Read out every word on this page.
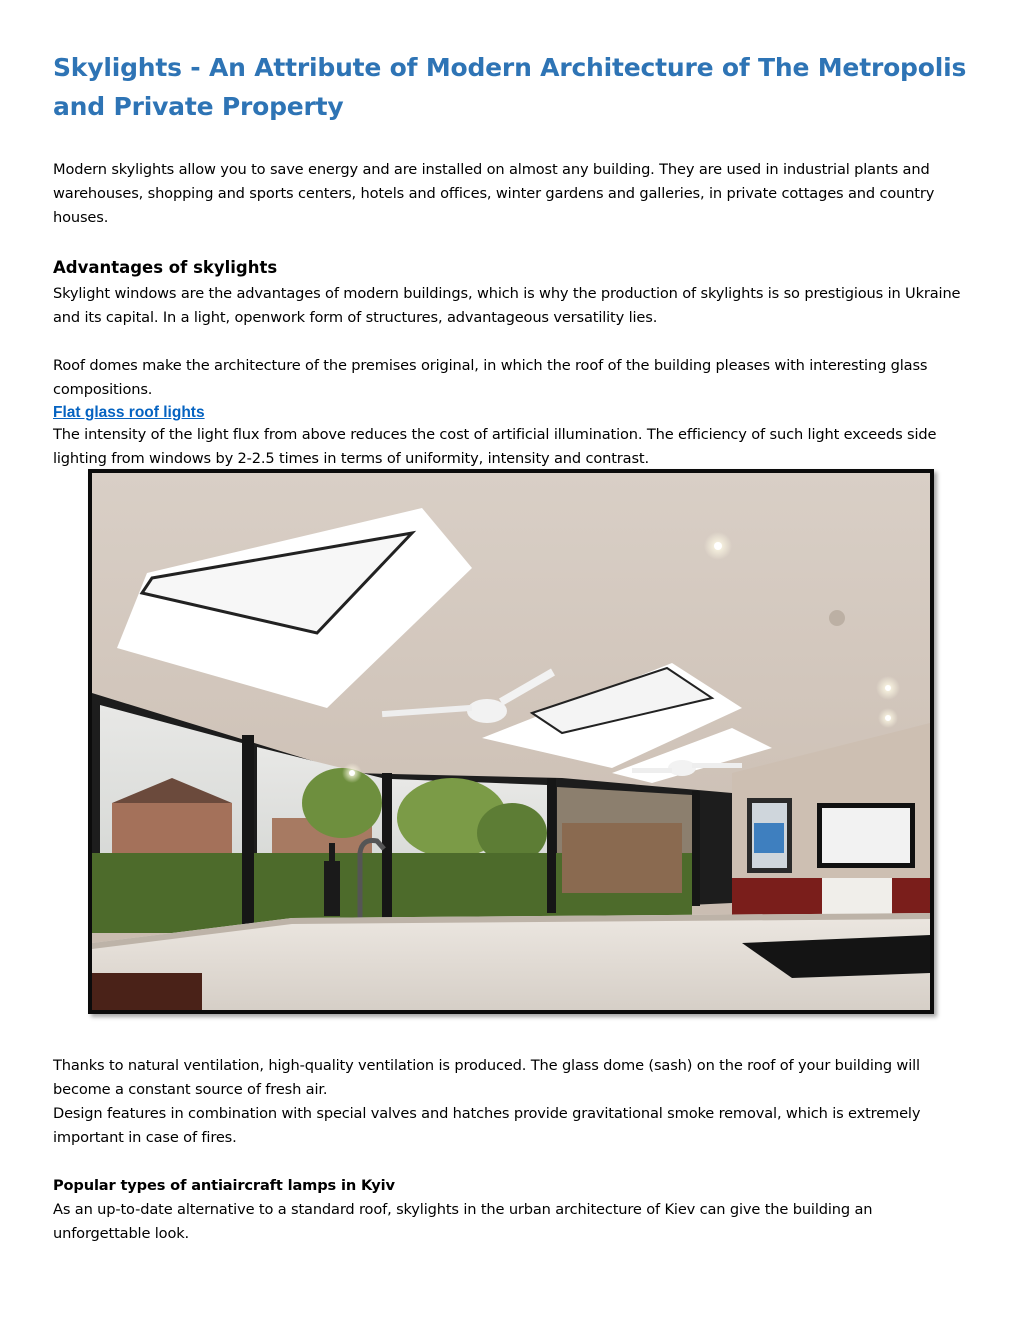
Skylights - An Attribute of Modern Architecture of The Metropolis and Private Property

Modern skylights allow you to save energy and are installed on almost any building. They are used in industrial plants and warehouses, shopping and sports centers, hotels and offices, winter gardens and galleries, in private cottages and country houses.

Advantages of skylights

Skylight windows are the advantages of modern buildings, which is why the production of skylights is so prestigious in Ukraine and its capital. In a light, openwork form of structures, advantageous versatility lies.

Roof domes make the architecture of the premises original, in which the roof of the building pleases with interesting glass compositions.

Flat glass roof lights

The intensity of the light flux from above reduces the cost of artificial illumination. The efficiency of such light exceeds side lighting from windows by 2-2.5 times in terms of uniformity, intensity and contrast.

Thanks to natural ventilation, high-quality ventilation is produced. The glass dome (sash) on the roof of your building will become a constant source of fresh air.

Design features in combination with special valves and hatches provide gravitational smoke removal, which is extremely important in case of fires.

Popular types of antiaircraft lamps in Kyiv

As an up-to-date alternative to a standard roof, skylights in the urban architecture of Kiev can give the building an unforgettable look.
